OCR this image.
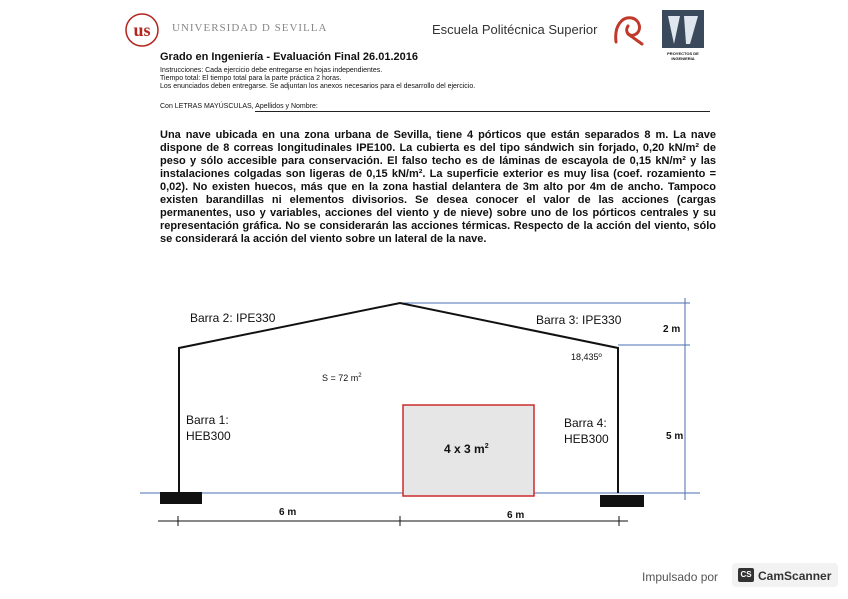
us UNIVERSIDAD D SEVILLA	Escuela Politécnica Superior
PROYECTOS DE INGENIERIA
Grado en Ingeniería - Evaluación Final 26.01.2016
Instrucciones: Cada ejercicio debe entregarse en hojas independientes.
Tiempo total: El tiempo total para la parte práctica 2 horas.
Los enunciados deben entregarse. Se adjuntan los anexos necesarios para el desarrollo del ejercicio.
Con LETRAS MAYÚSCULAS, Apellidos y Nombre:
Una nave ubicada en una zona urbana de Sevilla, tiene 4 pórticos que están separados 8 m. La nave dispone de 8 correas longitudinales IPE100. La cubierta es del tipo sándwich sin forjado, 0,20 kN/m² de peso y sólo accesible para conservación. El falso techo es de láminas de escayola de 0,15 kN/m² y las instalaciones colgadas son ligeras de 0,15 kN/m². La superficie exterior es muy lisa (coef. rozamiento = 0,02). No existen huecos, más que en la zona hastial delantera de 3m alto por 4m de ancho. Tampoco existen barandillas ni elementos divisorios. Se desea conocer el valor de las acciones (cargas permanentes, uso y variables, acciones del viento y de nieve) sobre uno de los pórticos centrales y su representación gráfica. No se considerarán las acciones térmicas. Respecto de la acción del viento, sólo se considerará la acción del viento sobre un lateral de la nave.
Barra 2: IPE330	Barra 3: IPE330
Barra 1:
HEB300
Barra 4:
HEB300
S = 72 $m^2$
18,435º
2 m
5 m
4 x 3 $m^2$
6 m	6 m
Impulsado por	CS CamScanner
